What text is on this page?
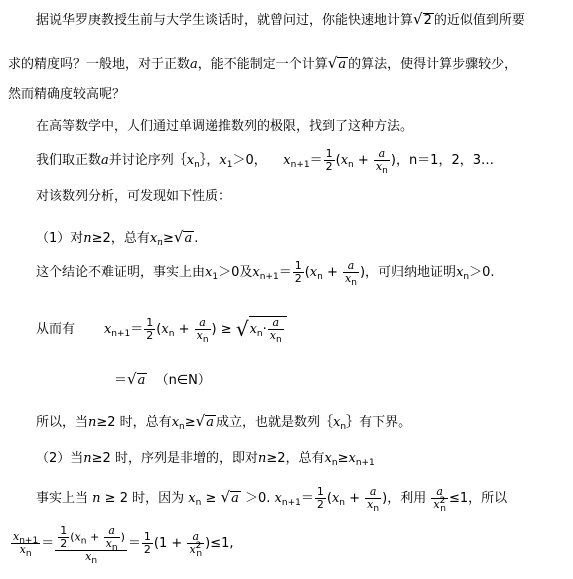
据说华罗庚教授生前与大学生谈话时，就曾问过，你能快速地计算√2 的近似值到所要
求的精度吗？一般地，对于正数a，能不能制定一个计算√a 的算法，使得计算步骤较少，
然而精确度较高呢？
在高等数学中，人们通过单调递推数列的极限，找到了这种方法。
我们取正数a并讨论序列$\{x_n\}$，$x_1>0$， $x_{n+1}= \frac{1}{2} (x_n + \frac{a}{x_n}$ )，n＝1，2，3…
对该数列分析，可发现如下性质：
（1）对n≥2，总有$x_n\ge√a$ .
这个结论不难证明，事实上由$x_1>0$及$x_{n+1}= \frac{1}{2} (x_n + \frac{a}{x_n}$ )，可归纳地证明$x_n>0$.
从而有 $x_{n+1}= \frac{1}{2} (x_n + \frac{a}{x_n}$ ) ≥ $√x_n\cdot \frac{a}{x_n}$
＝√a （n∈N）
所以，当n≥2 时，总有$x_n\ge√a$ 成立，也就是数列$\{x_n\}$有下界。
（2）当n≥2 时，序列是非增的，即对n≥2，总有$x_n\ge x_{n+1}$
事实上当 n ≥ 2 时，因为 $x_n \ge √a >0$. $x_{n+1}= \frac{1}{2} (x_n + \frac{a}{x_n}$ )，利用 $\frac{a}{x^2_n} \le 1$，所以
$\frac{x_{n+1}}{x_n} = \frac{\frac{1}{2} (x_n + \frac{a}{x_n} )}{x_n} = \frac{1}{2} (1 + \frac{a}{x^2_n} )\le 1$,
